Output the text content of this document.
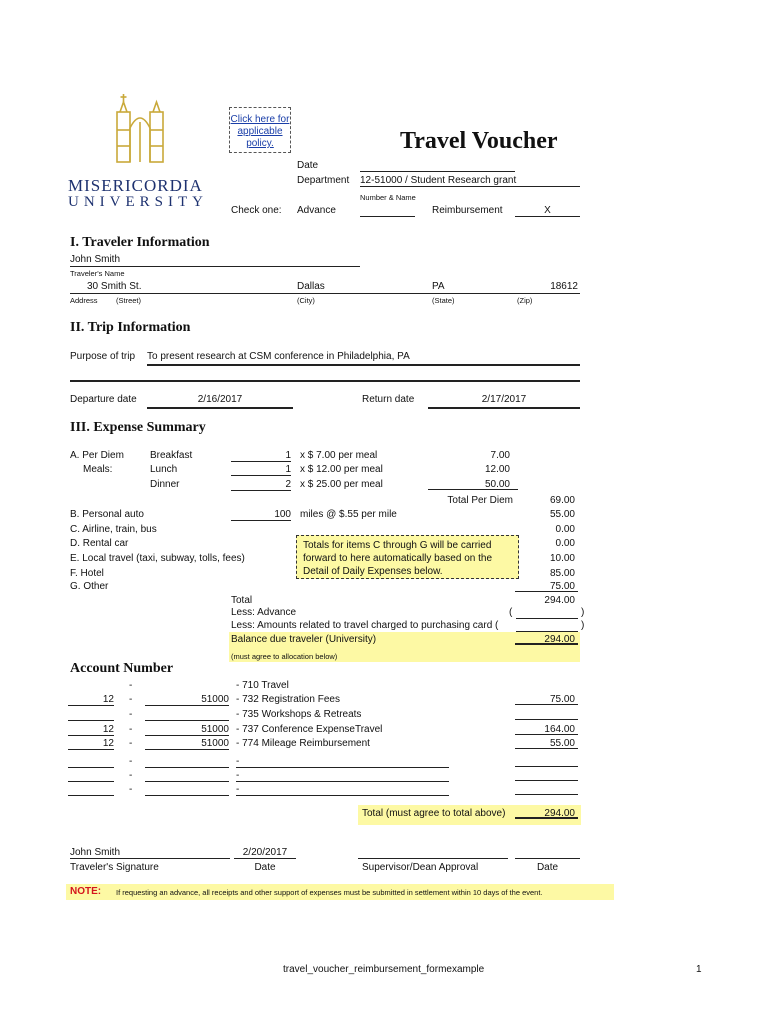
MISERICORDIA
UNIVERSITY
Click here for
applicable
policy.	Travel Voucher
Date
Department 12-51000 / Student Research grant
Number & Name
Check one: Advance	Reimbursement	X
I. Traveler Information
John Smith
Traveler's Name
30 Smith St.	Dallas	PA	18612
Address (Street)	(City)	(State)	(Zip)
II. Trip Information
Purpose of trip To present research at CSM conference in Philadelphia, PA
Departure date	2/16/2017	Return date	2/17/2017
III. Expense Summary
A. Per Diem
Meals:
Breakfast	1 x $ 7.00 per meal	7.00
Lunch	1 x $ 12.00 per meal	12.00
Dinner	2 x $ 25.00 per meal	50.00
Total Per Diem	69.00
B. Personal auto	100 miles @ $.55 per mile	55.00
C. Airline, train, bus	0.00
D. Rental car	0.00
E. Local travel (taxi, subway, tolls, fees)	10.00
F. Hotel	85.00
G. Other	75.00
Totals for items C through G will be carried
forward to here automatically based on the
Detail of Daily Expenses below.
Total	294.00
Less: Advance	(	)
Less: Amounts related to travel charged to purchasing card (	)
Balance due traveler (University)	294.00
(must agree to allocation below)
Account Number
-	- 710 Travel
12 -	51000 - 732 Registration Fees	75.00
-	- 735 Workshops & Retreats
12 -	51000 - 737 Conference ExpenseTravel	164.00
12 -	51000 - 774 Mileage Reimbursement	55.00
-	-
-	-
-	-
Total (must agree to total above)	294.00
John Smith
Traveler's Signature
2/20/2017
Date	Supervisor/Dean Approval	Date
NOTE: If requesting an advance, all receipts and other support of expenses must be submitted in settlement within 10 days of the event.
travel_voucher_reimbursement_formexample	1
